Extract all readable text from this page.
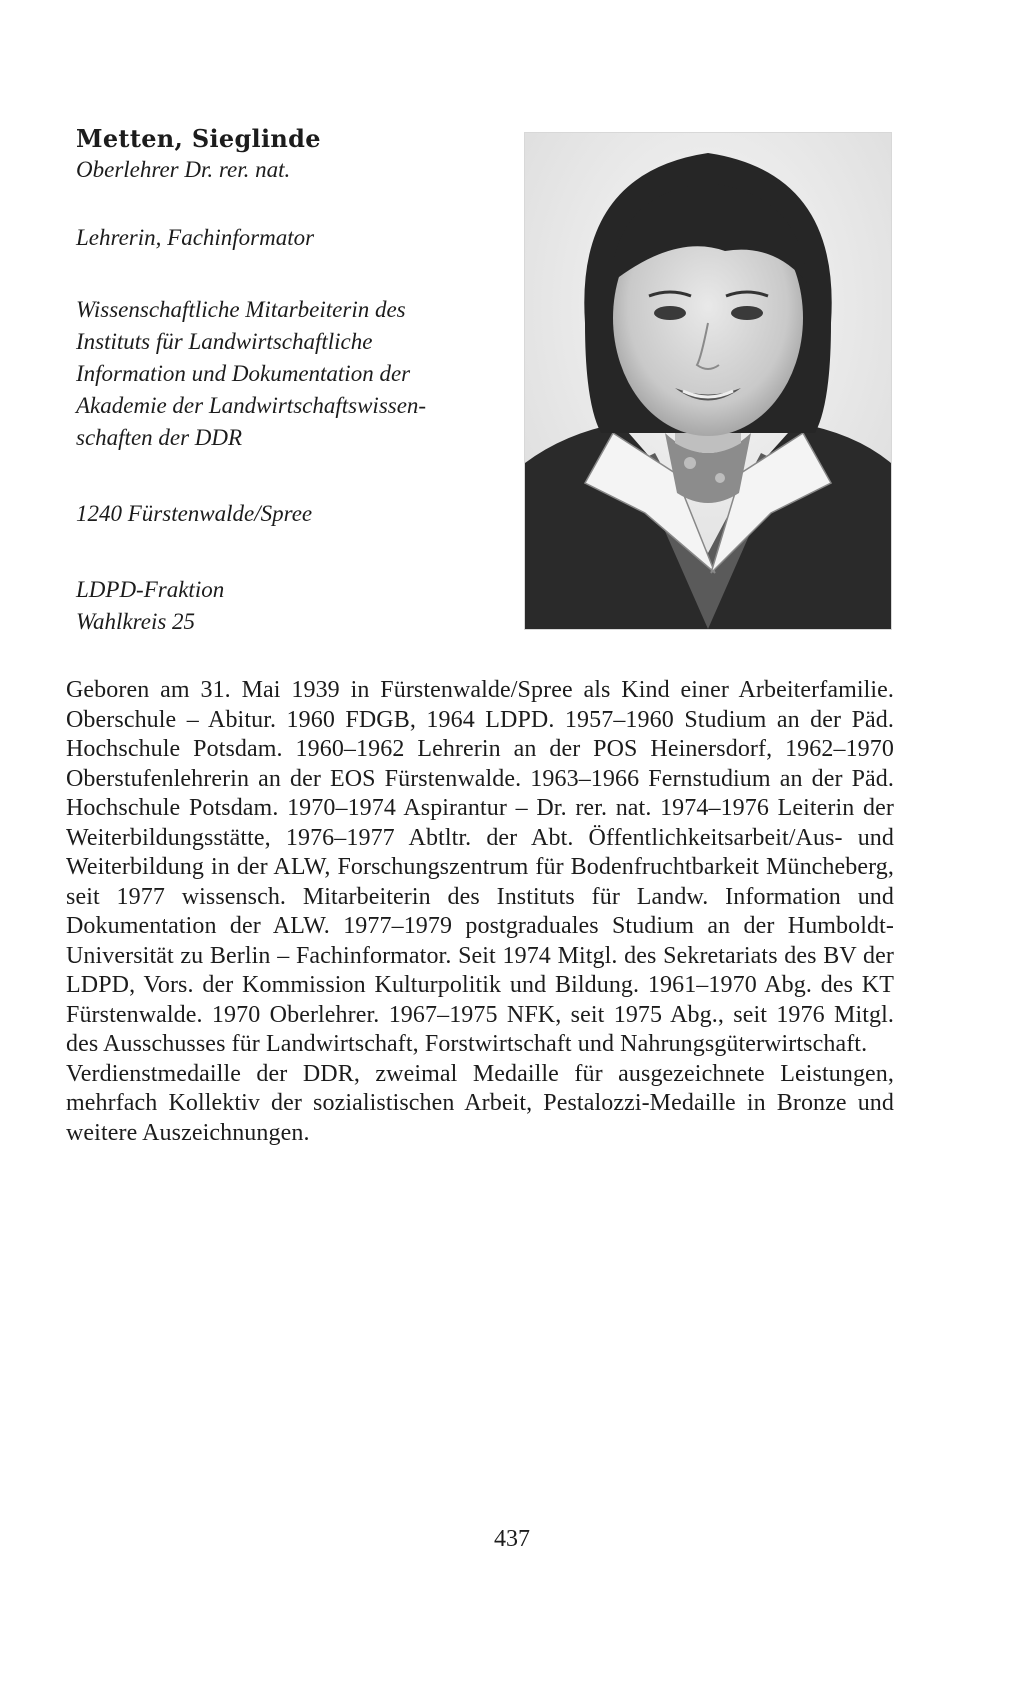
Metten, Sieglinde

Oberlehrer Dr. rer. nat.

Lehrerin, Fachinformator

Wissenschaftliche Mitarbeiterin des

Instituts für Landwirtschaftliche

Information und Dokumentation der

Akademie der Landwirtschaftswissen-

schaften der DDR

1240 Fürstenwalde/Spree

LDPD-Fraktion

Wahlkreis 25

Geboren am 31. Mai 1939 in Fürstenwalde/Spree als Kind einer Arbeiterfamilie. Oberschule – Abitur. 1960 FDGB, 1964 LDPD. 1957–1960 Studium an der Päd. Hochschule Potsdam. 1960–1962 Lehrerin an der POS Heinersdorf, 1962–1970 Oberstufenlehrerin an der EOS Fürstenwalde. 1963–1966 Fernstudium an der Päd. Hochschule Potsdam. 1970–1974 Aspirantur – Dr. rer. nat. 1974–1976 Leiterin der Weiterbildungsstätte, 1976–1977 Abtltr. der Abt. Öffentlichkeitsarbeit/Aus- und Weiterbildung in der ALW, Forschungszentrum für Bodenfruchtbarkeit Müncheberg, seit 1977 wissensch. Mitarbeiterin des Instituts für Landw. Information und Dokumentation der ALW. 1977–1979 postgraduales Studium an der Humboldt-Universität zu Berlin – Fachinformator. Seit 1974 Mitgl. des Sekretariats des BV der LDPD, Vors. der Kommission Kulturpolitik und Bildung. 1961–1970 Abg. des KT Fürstenwalde. 1970 Oberlehrer. 1967–1975 NFK, seit 1975 Abg., seit 1976 Mitgl. des Ausschusses für Landwirtschaft, Forstwirtschaft und Nahrungsgüterwirtschaft.

Verdienstmedaille der DDR, zweimal Medaille für ausgezeichnete Leistungen, mehrfach Kollektiv der sozialistischen Arbeit, Pestalozzi-Medaille in Bronze und weitere Auszeichnungen.

437
